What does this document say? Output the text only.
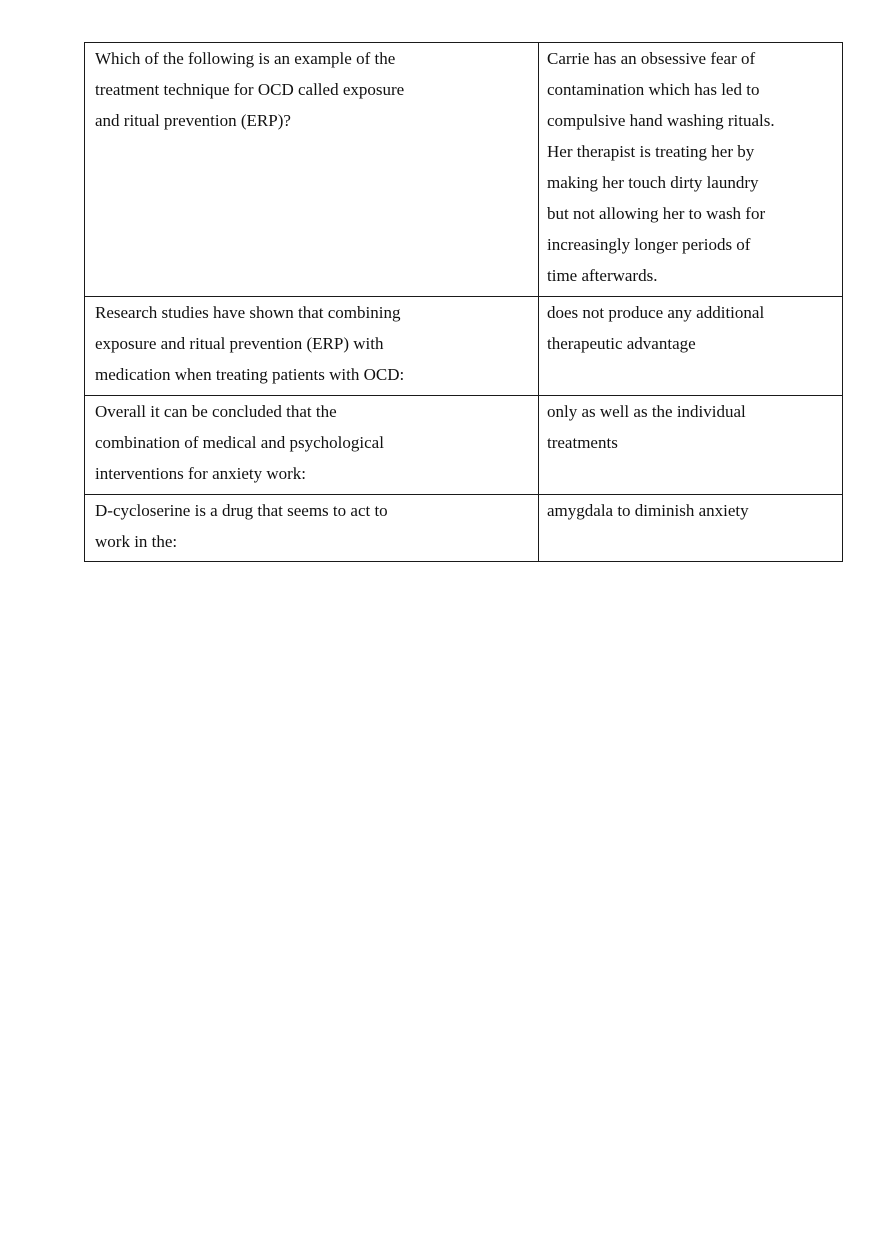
Which of the following is an example of the treatment technique for OCD called exposure and ritual prevention (ERP)?	Carrie has an obsessive fear of contamination which has led to compulsive hand washing rituals. Her therapist is treating her by making her touch dirty laundry but not allowing her to wash for increasingly longer periods of time afterwards.

Research studies have shown that combining exposure and ritual prevention (ERP) with medication when treating patients with OCD:	does not produce any additional therapeutic advantage

Overall it can be concluded that the combination of medical and psychological interventions for anxiety work:	only as well as the individual treatments

D-cycloserine is a drug that seems to act to work in the:	amygdala to diminish anxiety
